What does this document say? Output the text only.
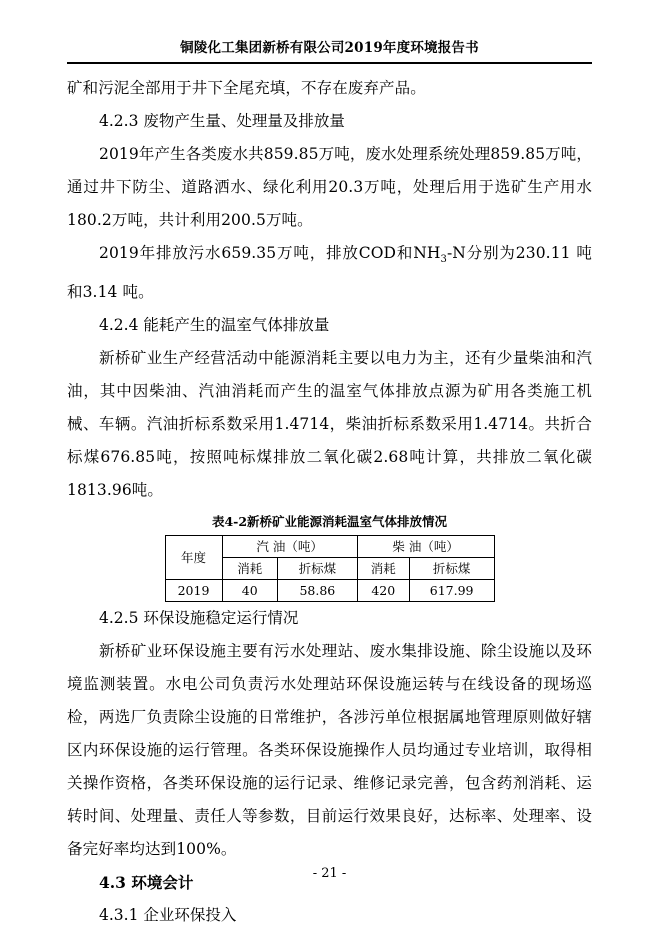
铜陵化工集团新桥有限公司2019年度环境报告书

矿和污泥全部用于井下全尾充填，不存在废弃产品。

4.2.3 废物产生量、处理量及排放量

2019年产生各类废水共859.85万吨，废水处理系统处理859.85万吨，通过井下防尘、道路洒水、绿化利用20.3万吨，处理后用于选矿生产用水180.2万吨，共计利用200.5万吨。

2019年排放污水659.35万吨，排放COD和$NH_3-N$分别为230.11 吨和3.14 吨。

4.2.4 能耗产生的温室气体排放量

新桥矿业生产经营活动中能源消耗主要以电力为主，还有少量柴油和汽油，其中因柴油、汽油消耗而产生的温室气体排放点源为矿用各类施工机械、车辆。汽油折标系数采用1.4714，柴油折标系数采用1.4714。共折合标煤676.85吨，按照吨标煤排放二氧化碳2.68吨计算，共排放二氧化碳1813.96吨。

表4-2新桥矿业能源消耗温室气体排放情况
年度	汽 油（吨）		柴 油（吨）	
	消耗	折标煤	消耗	折标煤
2019	40	58.86	420	617.99
4.2.5 环保设施稳定运行情况

新桥矿业环保设施主要有污水处理站、废水集排设施、除尘设施以及环境监测装置。水电公司负责污水处理站环保设施运转与在线设备的现场巡检，两选厂负责除尘设施的日常维护，各涉污单位根据属地管理原则做好辖区内环保设施的运行管理。各类环保设施操作人员均通过专业培训，取得相关操作资格，各类环保设施的运行记录、维修记录完善，包含药剂消耗、运转时间、处理量、责任人等参数，目前运行效果良好，达标率、处理率、设备完好率均达到100%。

4.3 环境会计
4.3.1 企业环保投入
- 21 -
